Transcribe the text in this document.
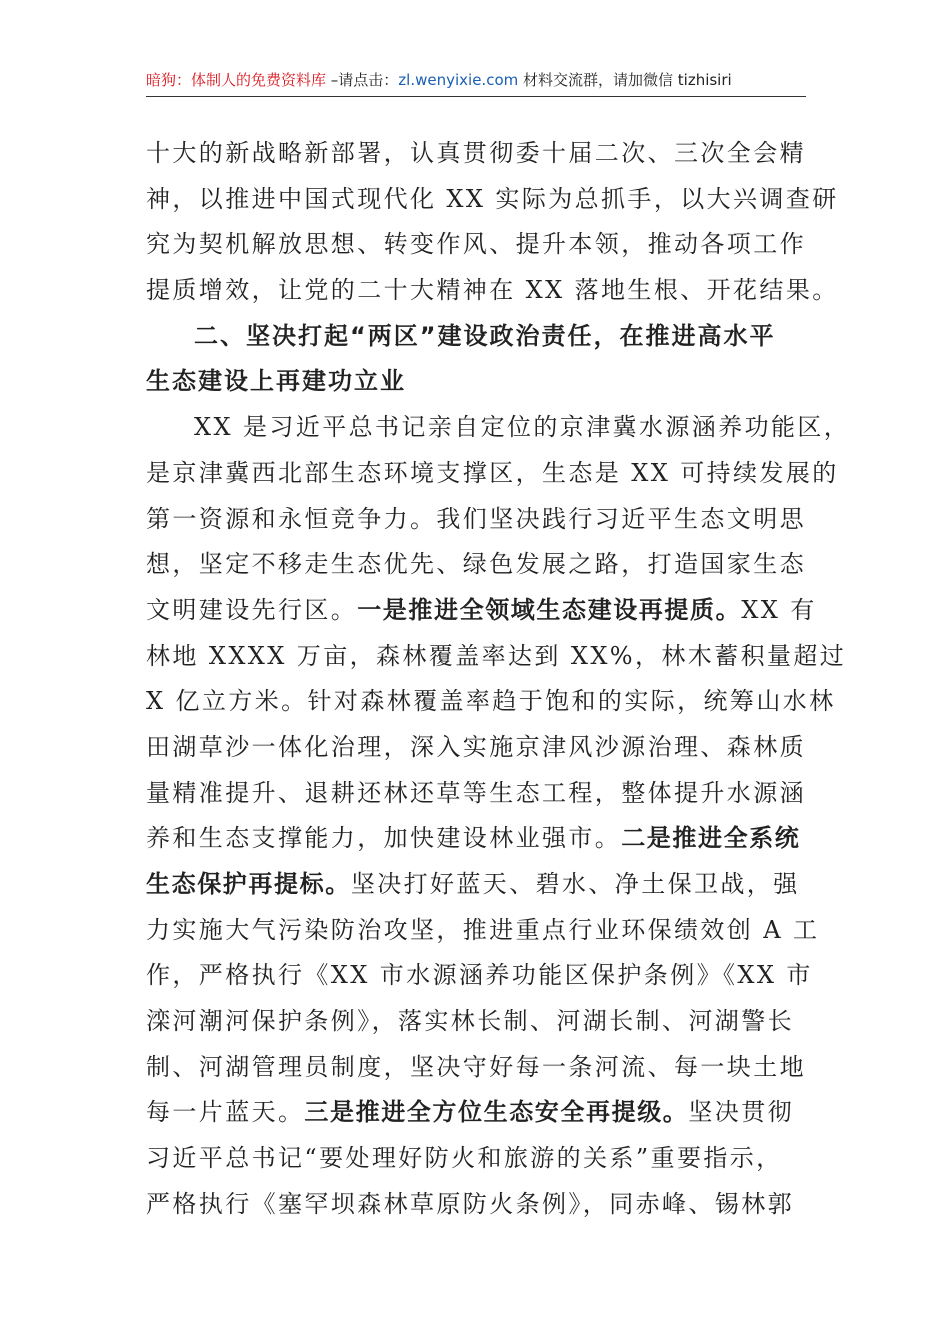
暗狗：体制人的免费资料库 –请点击：zl.wenyixie.com 材料交流群，请加微信 tizhisiri
十大的新战略新部署，认真贯彻委十届二次、三次全会精
神，以推进中国式现代化 XX 实际为总抓手，以大兴调查研
究为契机解放思想、转变作风、提升本领，推动各项工作
提质增效，让党的二十大精神在 XX 落地生根、开花结果。
二、坚决打起“两区”建设政治责任，在推进高水平
生态建设上再建功立业
XX 是习近平总书记亲自定位的京津冀水源涵养功能区，
是京津冀西北部生态环境支撑区，生态是 XX 可持续发展的
第一资源和永恒竞争力。我们坚决践行习近平生态文明思
想，坚定不移走生态优先、绿色发展之路，打造国家生态
文明建设先行区。一是推进全领域生态建设再提质。XX 有
林地 XXXX 万亩，森林覆盖率达到 XX%，林木蓄积量超过
X 亿立方米。针对森林覆盖率趋于饱和的实际，统筹山水林
田湖草沙一体化治理，深入实施京津风沙源治理、森林质
量精准提升、退耕还林还草等生态工程，整体提升水源涵
养和生态支撑能力，加快建设林业强市。二是推进全系统
生态保护再提标。坚决打好蓝天、碧水、净土保卫战，强
力实施大气污染防治攻坚，推进重点行业环保绩效创 A 工
作，严格执行《XX 市水源涵养功能区保护条例》《XX 市
滦河潮河保护条例》，落实林长制、河湖长制、河湖警长
制、河湖管理员制度，坚决守好每一条河流、每一块土地
每一片蓝天。三是推进全方位生态安全再提级。坚决贯彻
习近平总书记“要处理好防火和旅游的关系”重要指示，
严格执行《塞罕坝森林草原防火条例》，同赤峰、锡林郭
